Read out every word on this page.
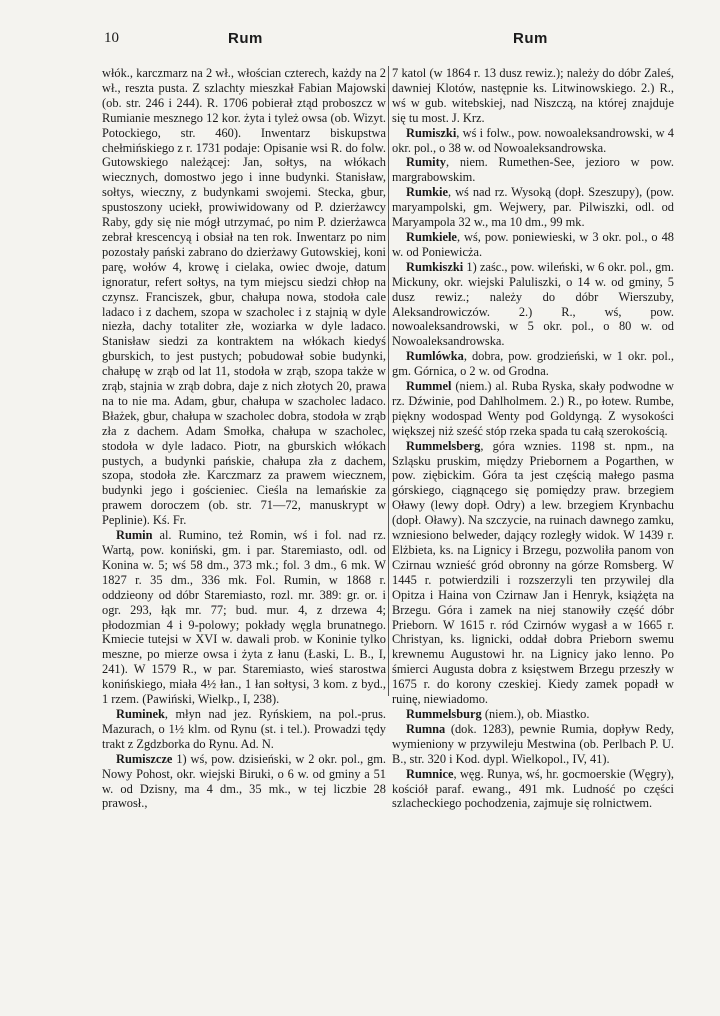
10	Rum	Rum

włók., karczmarz na 2 wł., włościan czterech, każdy na 2 wł., reszta pusta. Z szlachty mieszkał Fabian Majowski (ob. str. 246 i 244). R. 1706 pobierał ztąd proboszcz w Rumianie mesznego 12 kor. żyta i tyleż owsa (ob. Wizyt. Potockiego, str. 460). Inwentarz biskupstwa chełmińskiego z r. 1731 podaje: Opisanie wsi R. do folw. Gutowskiego należącej: Jan, sołtys, na włókach wiecznych, domostwo jego i inne budynki. Stanisław, sołtys, wieczny, z budynkami swojemi. Stecka, gbur, spustoszony uciekł, prowiwidowany od P. dzierżawcy Raby, gdy się nie mógł utrzymać, po nim P. dzierżawca zebrał krescencyą i obsiał na ten rok. Inwentarz po nim pozostały pański zabrano do dzierżawy Gutowskiej, koni parę, wołów 4, krowę i cielaka, owiec dwoje, datum ignoratur, refert sołtys, na tym miejscu siedzi chłop na czynsz. Franciszek, gbur, chałupa nowa, stodoła cale ladaco i z dachem, szopa w szacholec i z stajnią w dyle niezła, dachy totaliter złe, woziarka w dyle ladaco. Stanisław siedzi za kontraktem na włókach kiedyś gburskich, to jest pustych; pobudował sobie budynki, chałupę w zrąb od lat 11, stodoła w zrąb, szopa także w zrąb, stajnia w zrąb dobra, daje z nich złotych 20, prawa na to nie ma. Adam, gbur, chałupa w szacholec ladaco. Błażek, gbur, chałupa w szacholec dobra, stodoła w zrąb zła z dachem. Adam Smołka, chałupa w szacholec, stodoła w dyle ladaco. Piotr, na gburskich włókach pustych, a budynki pańskie, chałupa zła z dachem, szopa, stodoła złe. Karczmarz za prawem wiecznem, budynki jego i gościeniec. Cieśla na lemańskie za prawem doroczem (ob. str. 71—72, manuskrypt w Peplinie). Kś. Fr.

Rumin al. Rumino, też Romin, wś i fol. nad rz. Wartą, pow. koniński, gm. i par. Staremiasto, odl. od Konina w. 5; wś 58 dm., 373 mk.; fol. 3 dm., 6 mk. W 1827 r. 35 dm., 336 mk. Fol. Rumin, w 1868 r. oddzieony od dóbr Staremiasto, rozl. mr. 389: gr. or. i ogr. 293, łąk mr. 77; bud. mur. 4, z drzewa 4; płodozmian 4 i 9-polowy; pokłady węgla brunatnego. Kmiecie tutejsi w XVI w. dawali prob. w Koninie tylko meszne, po mierze owsa i żyta z łanu (Łaski, L. B., I, 241). W 1579 R., w par. Staremiasto, wieś starostwa konińskiego, miała 4½ łan., 1 łan sołtysi, 3 kom. z byd., 1 rzem. (Pawiński, Wielkp., I, 238).

Ruminek, młyn nad jez. Ryńskiem, na pol.-prus. Mazurach, o 1½ klm. od Rynu (st. i tel.). Prowadzi tędy trakt z Zgdzborka do Rynu. Ad. N.

Rumiszcze 1) wś, pow. dzisieński, w 2 okr. pol., gm. Nowy Pohost, okr. wiejski Biruki, o 6 w. od gminy a 51 w. od Dzisny, ma 4 dm., 35 mk., w tej liczbie 28 prawosł.,

7 katol (w 1864 r. 13 dusz rewiz.); należy do dóbr Zaleś, dawniej Klotów, następnie ks. Litwinowskiego. 2.) R., wś w gub. witebskiej, nad Niszczą, na której znajduje się tu most. J. Krz.

Rumiszki, wś i folw., pow. nowoaleksandrowski, w 4 okr. pol., o 38 w. od Nowoaleksandrowska.

Rumity, niem. Rumethen-See, jezioro w pow. margrabowskim.

Rumkie, wś nad rz. Wysoką (dopł. Szeszupy), (pow. maryampolski, gm. Wejwery, par. Pilwiszki, odl. od Maryampola 32 w., ma 10 dm., 99 mk.

Rumkiele, wś, pow. poniewieski, w 3 okr. pol., o 48 w. od Poniewicża.

Rumkiszki 1) zaśc., pow. wileński, w 6 okr. pol., gm. Mickuny, okr. wiejski Paluliszki, o 14 w. od gminy, 5 dusz rewiz.; należy do dóbr Wierszuby, Aleksandrowiczów. 2.) R., wś, pow. nowoaleksandrowski, w 5 okr. pol., o 80 w. od Nowoaleksandrowska.

Rumlówka, dobra, pow. grodzieński, w 1 okr. pol., gm. Górnica, o 2 w. od Grodna.

Rummel (niem.) al. Ruba Ryska, skały podwodne w rz. Dźwinie, pod Dahlholmem. 2.) R., po łotew. Rumbe, piękny wodospad Wenty pod Goldyngą. Z wysokości większej niż sześć stóp rzeka spada tu całą szerokością.

Rummelsberg, góra wznies. 1198 st. npm., na Szląsku pruskim, między Priebornem a Pogarthen, w pow. ziębickim. Góra ta jest częścią małego pasma górskiego, ciągnącego się pomiędzy praw. brzegiem Oławy (lewy dopł. Odry) a lew. brzegiem Krynbachu (dopł. Oławy). Na szczycie, na ruinach dawnego zamku, wzniesiono belweder, dający rozległy widok. W 1439 r. Elżbieta, ks. na Lignicy i Brzegu, pozwoliła panom von Czirnau wznieść gród obronny na górze Romsberg. W 1445 r. potwierdzili i rozszerzyli ten przywilej dla Opitza i Haina von Czirnaw Jan i Henryk, książęta na Brzegu. Góra i zamek na niej stanowiły część dóbr Prieborn. W 1615 r. ród Czirnów wygasł a w 1665 r. Christyan, ks. lignicki, oddał dobra Prieborn swemu krewnemu Augustowi hr. na Lignicy jako lenno. Po śmierci Augusta dobra z księstwem Brzegu przeszły w 1675 r. do korony czeskiej. Kiedy zamek popadł w ruinę, niewiadomo.

Rummelsburg (niem.), ob. Miastko.

Rumna (dok. 1283), pewnie Rumia, dopływ Redy, wymieniony w przywileju Mestwina (ob. Perlbach P. U. B., str. 320 i Kod. dypl. Wielkopol., IV, 41).

Rumnice, węg. Runya, wś, hr. gocmoerskie (Węgry), kościół paraf. ewang., 491 mk. Ludność po części szlacheckiego pochodzenia, zajmuje się rolnictwem.
